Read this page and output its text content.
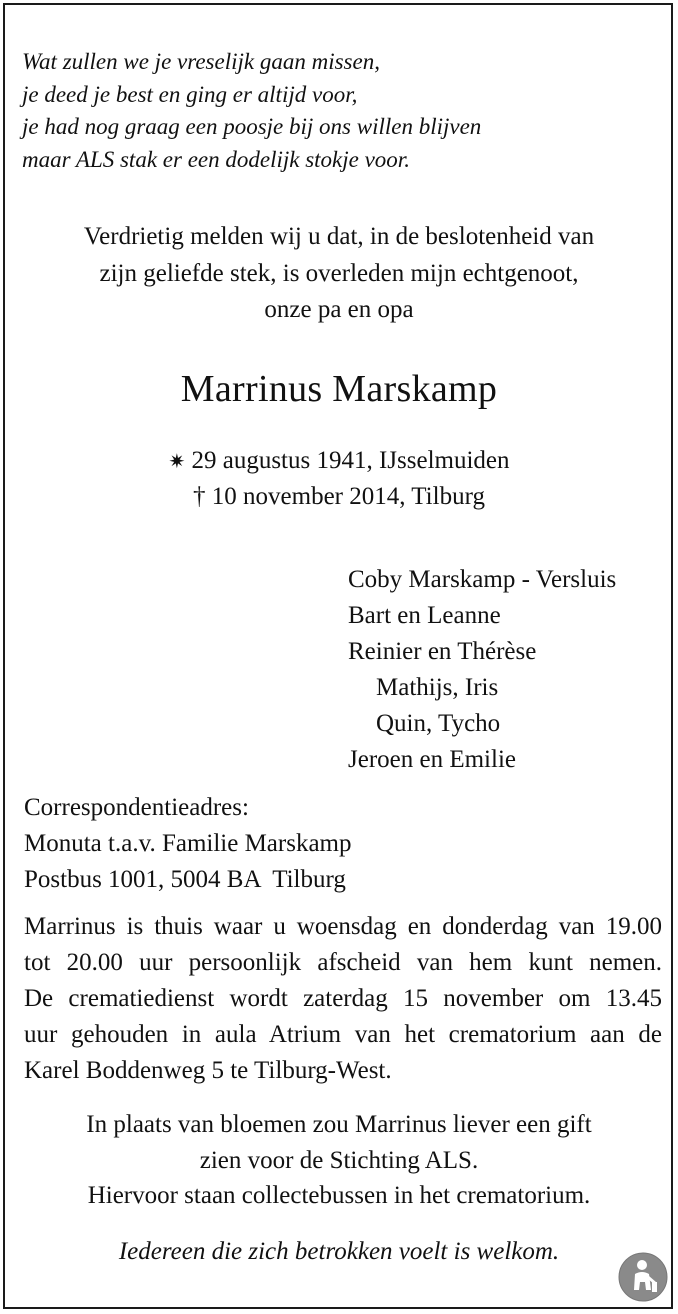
Wat zullen we je vreselijk gaan missen,
je deed je best en ging er altijd voor,
je had nog graag een poosje bij ons willen blijven
maar ALS stak er een dodelijk stokje voor.
Verdrietig melden wij u dat, in de beslotenheid van
zijn geliefde stek, is overleden mijn echtgenoot,
onze pa en opa
Marrinus Marskamp
✷ 29 augustus 1941, IJsselmuiden
† 10 november 2014, Tilburg
Coby Marskamp - Versluis
Bart en Leanne
Reinier en Thérèse
Mathijs, Iris
Quin, Tycho
Jeroen en Emilie
Correspondentieadres:
Monuta t.a.v. Familie Marskamp
Postbus 1001, 5004 BA  Tilburg
Marrinus is thuis waar u woensdag en donderdag van 19.00
tot 20.00 uur persoonlijk afscheid van hem kunt nemen.
De crematiedienst wordt zaterdag 15 november om 13.45
uur gehouden in aula Atrium van het crematorium aan de
Karel Boddenweg 5 te Tilburg-West.
In plaats van bloemen zou Marrinus liever een gift
zien voor de Stichting ALS.
Hiervoor staan collectebussen in het crematorium.
Iedereen die zich betrokken voelt is welkom.
